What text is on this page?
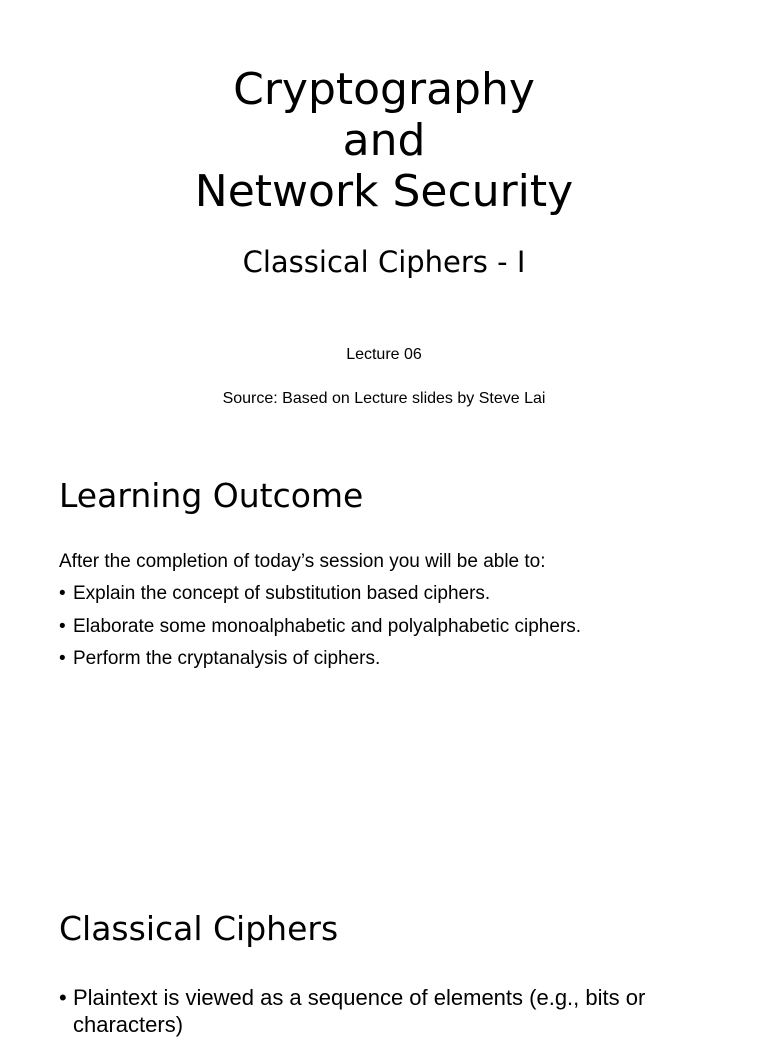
Cryptography
and
Network Security
Classical Ciphers - I
Lecture 06
Source: Based on Lecture slides by Steve Lai
Learning Outcome
After the completion of today’s session you will be able to:
• Explain the concept of substitution based ciphers.
• Elaborate some monoalphabetic and polyalphabetic ciphers.
• Perform the cryptanalysis of ciphers.
Classical Ciphers
• Plaintext is viewed as a sequence of elements (e.g., bits or characters)
